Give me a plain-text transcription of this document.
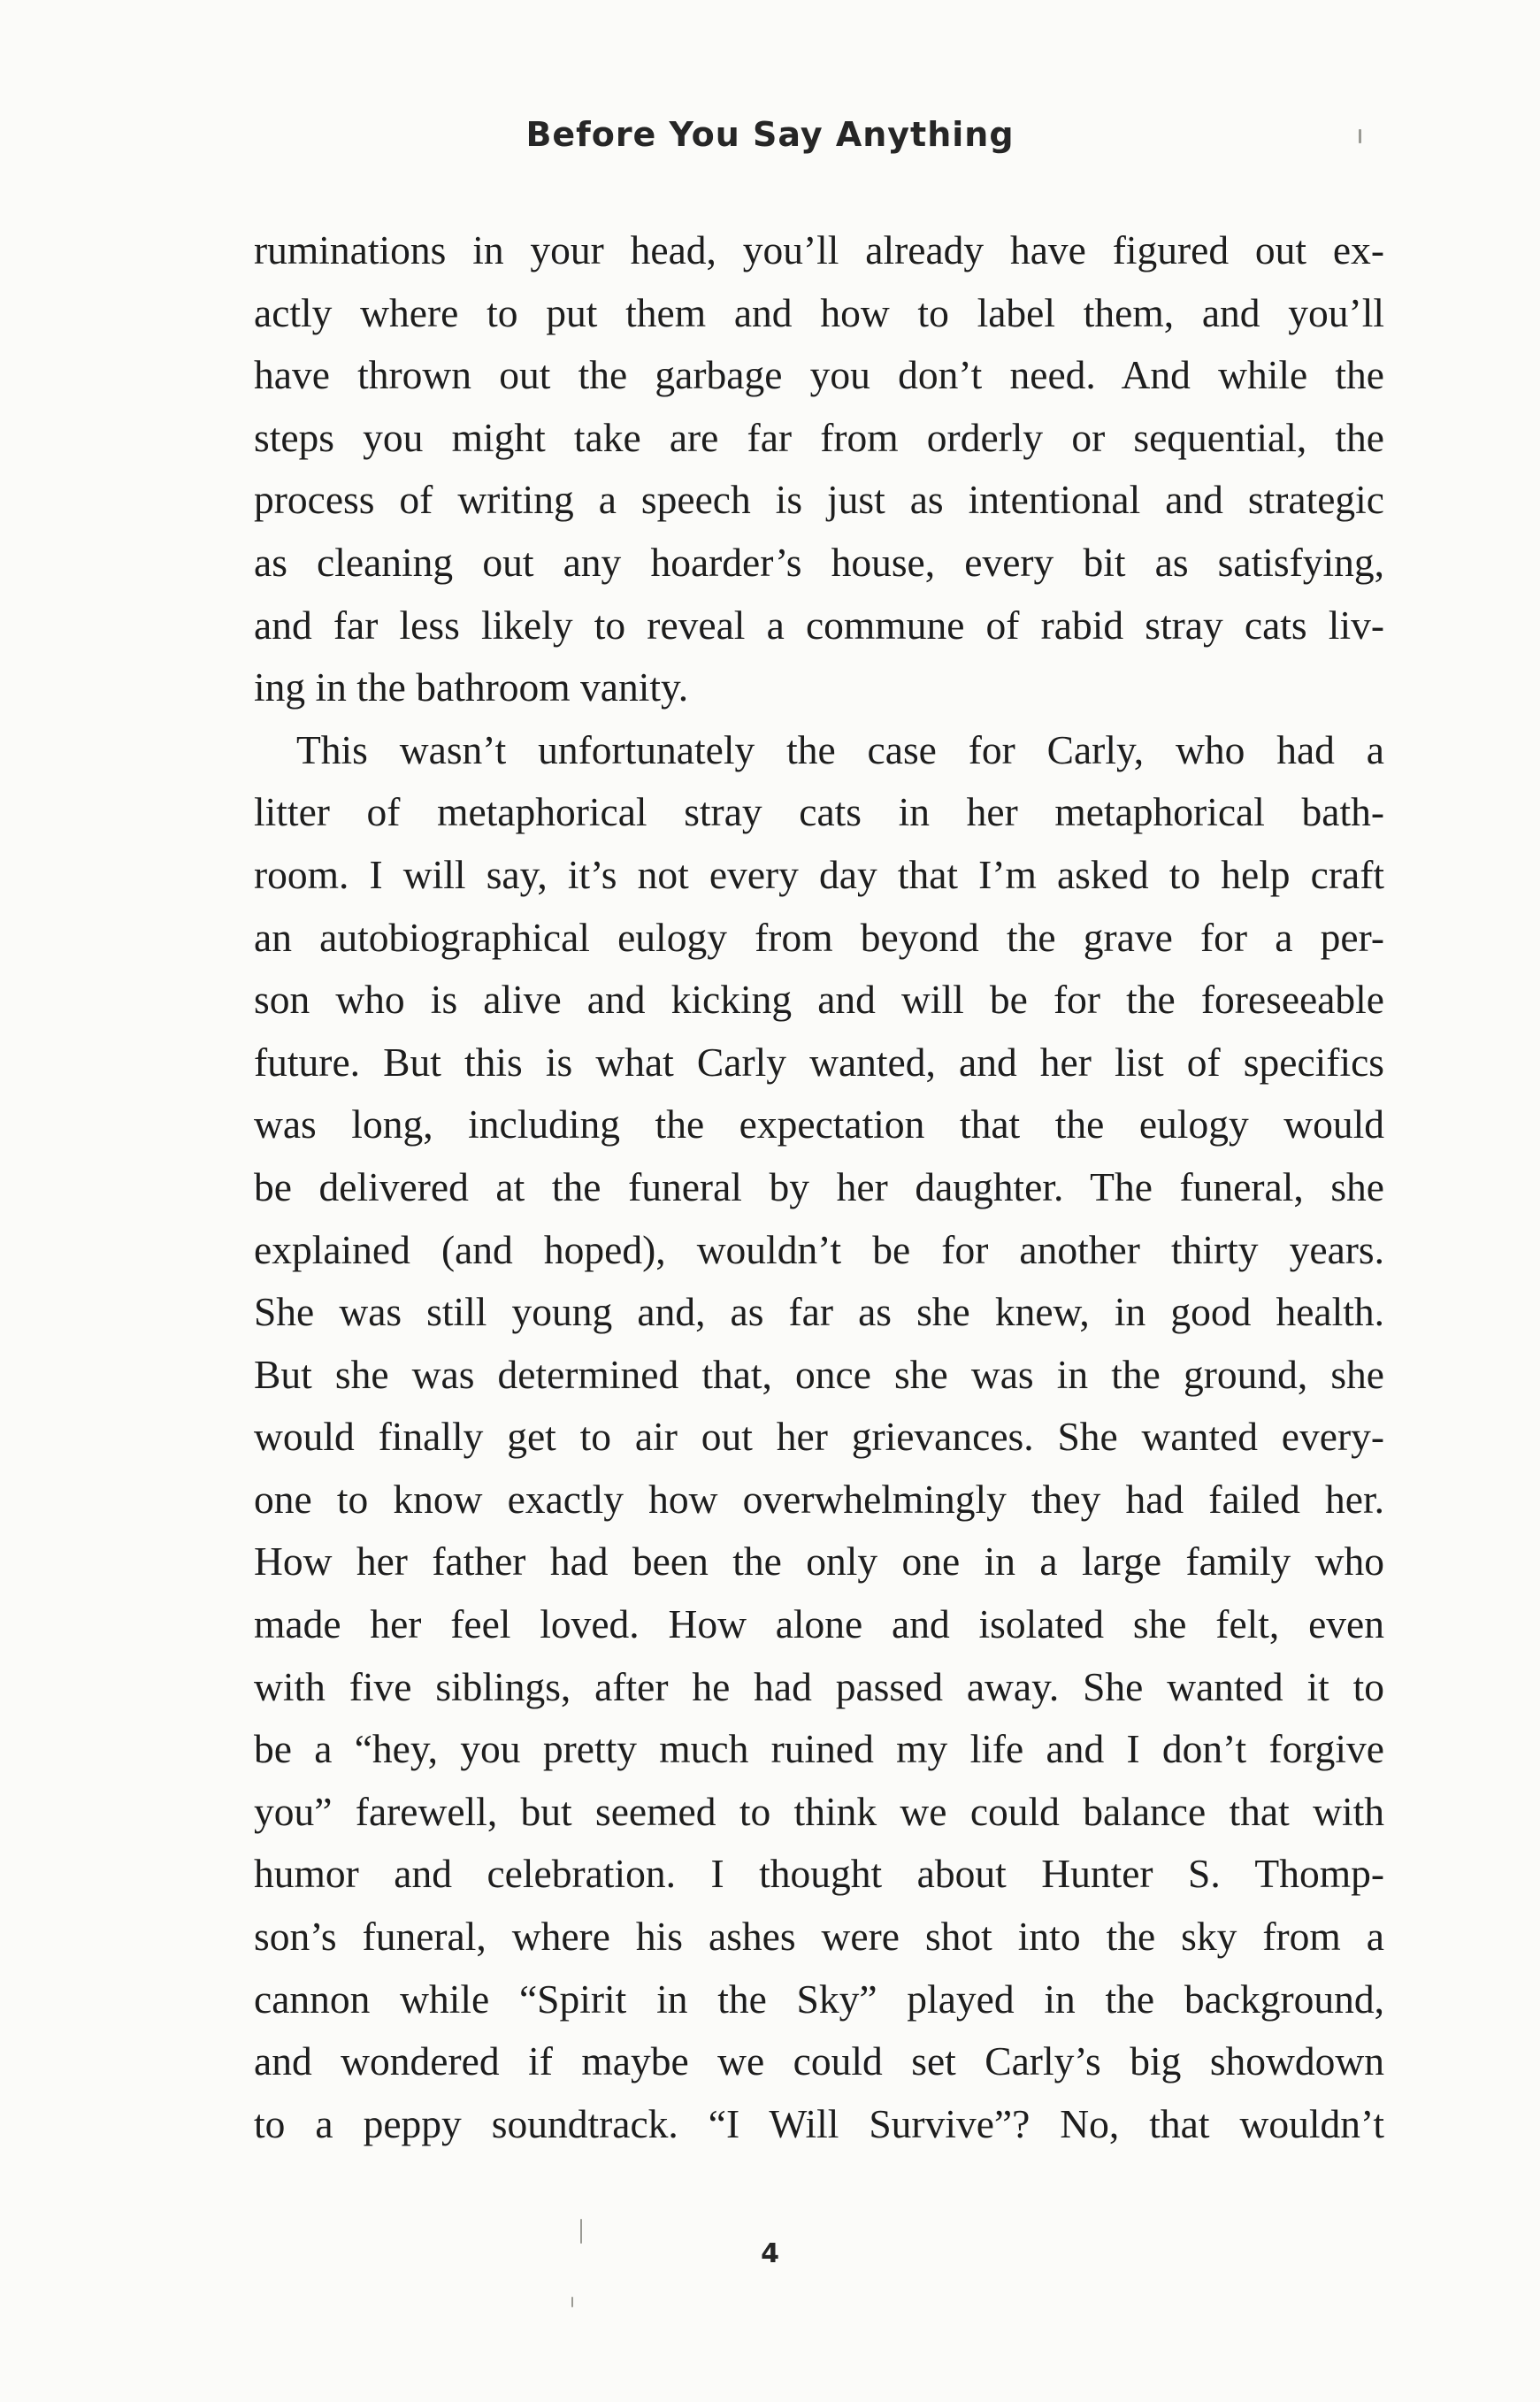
Before You Say Anything
ruminations in your head, you’ll already have figured out ex-
actly where to put them and how to label them, and you’ll
have thrown out the garbage you don’t need. And while the
steps you might take are far from orderly or sequential, the
process of writing a speech is just as intentional and strategic
as cleaning out any hoarder’s house, every bit as satisfying,
and far less likely to reveal a commune of rabid stray cats liv-
ing in the bathroom vanity.
This wasn’t unfortunately the case for Carly, who had a
litter of metaphorical stray cats in her metaphorical bath-
room. I will say, it’s not every day that I’m asked to help craft
an autobiographical eulogy from beyond the grave for a per-
son who is alive and kicking and will be for the foreseeable
future. But this is what Carly wanted, and her list of specifics
was long, including the expectation that the eulogy would
be delivered at the funeral by her daughter. The funeral, she
explained (and hoped), wouldn’t be for another thirty years.
She was still young and, as far as she knew, in good health.
But she was determined that, once she was in the ground, she
would finally get to air out her grievances. She wanted every-
one to know exactly how overwhelmingly they had failed her.
How her father had been the only one in a large family who
made her feel loved. How alone and isolated she felt, even
with five siblings, after he had passed away. She wanted it to
be a “hey, you pretty much ruined my life and I don’t forgive
you” farewell, but seemed to think we could balance that with
humor and celebration. I thought about Hunter S. Thomp-
son’s funeral, where his ashes were shot into the sky from a
cannon while “Spirit in the Sky” played in the background,
and wondered if maybe we could set Carly’s big showdown
to a peppy soundtrack. “I Will Survive”? No, that wouldn’t
4
